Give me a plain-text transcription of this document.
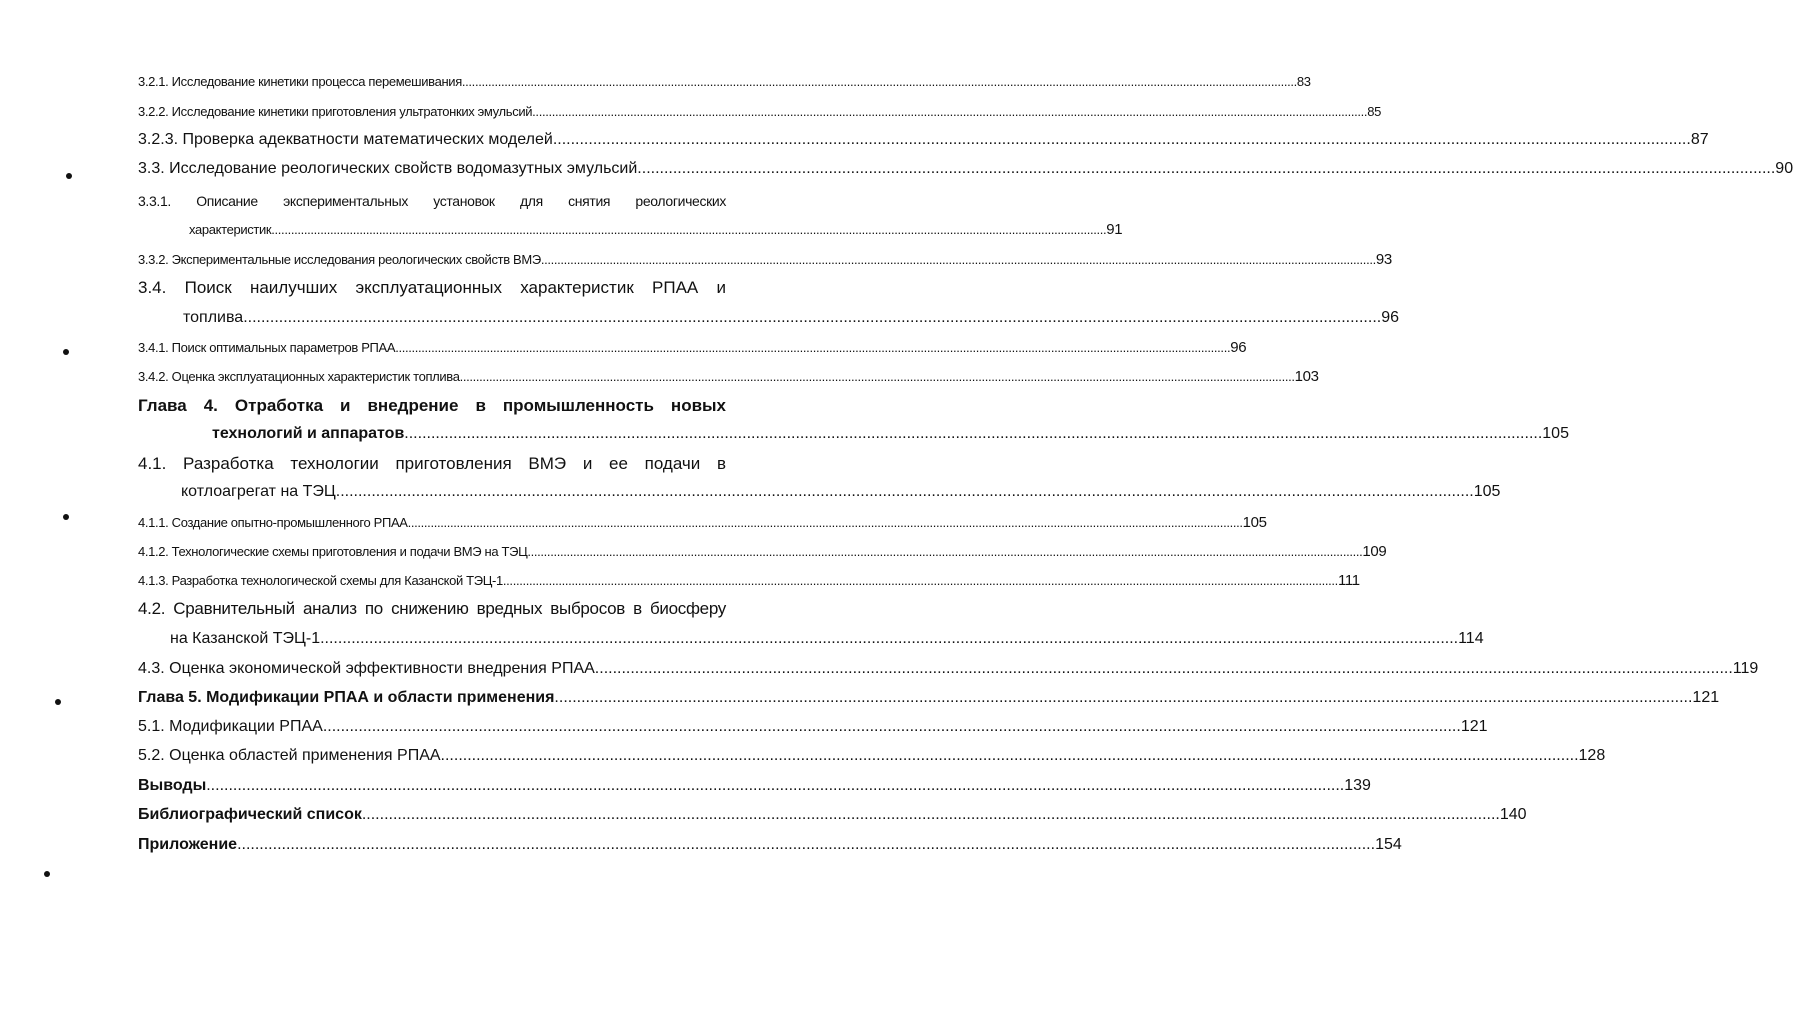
3.2.1. Исследование кинетики процесса перемешивания ................................................................................................................................................................................................................................................................ 83
3.2.2. Исследование кинетики приготовления ультратонких эмульсий ................................................................................................................................................................................................................................................................ 85
3.2.3. Проверка адекватности математических моделей ................................................................................................................................................................................................................................................................ 87
3.3. Исследование реологических свойств водомазутных эмульсий ................................................................................................................................................................................................................................................................ 90
3.3.1. Описание экспериментальных установок для снятия реологических
характеристик ................................................................................................................................................................................................................................................................ 91
3.3.2. Экспериментальные исследования реологических свойств ВМЭ ................................................................................................................................................................................................................................................................ 93
3.4. Поиск наилучших эксплуатационных характеристик РПАА и
топлива ................................................................................................................................................................................................................................................................ 96
3.4.1. Поиск оптимальных параметров РПАА ................................................................................................................................................................................................................................................................ 96
3.4.2. Оценка эксплуатационных характеристик топлива ................................................................................................................................................................................................................................................................ 103
Глава 4. Отработка и внедрение в промышленность новых
технологий и аппаратов ................................................................................................................................................................................................................................................................ 105
4.1. Разработка технологии приготовления ВМЭ и ее подачи в
котлоагрегат на ТЭЦ ................................................................................................................................................................................................................................................................ 105
4.1.1. Создание опытно-промышленного РПАА ................................................................................................................................................................................................................................................................ 105
4.1.2. Технологические схемы приготовления и подачи ВМЭ на ТЭЦ ................................................................................................................................................................................................................................................................ 109
4.1.3. Разработка технологической схемы для Казанской ТЭЦ-1 ................................................................................................................................................................................................................................................................ 111
4.2. Сравнительный анализ по снижению вредных выбросов в биосферу
на Казанской ТЭЦ-1 ................................................................................................................................................................................................................................................................ 114
4.3. Оценка экономической эффективности внедрения РПАА ................................................................................................................................................................................................................................................................ 119
Глава 5. Модификации РПАА и области применения ................................................................................................................................................................................................................................................................ 121
5.1. Модификации РПАА ................................................................................................................................................................................................................................................................ 121
5.2. Оценка областей применения РПАА ................................................................................................................................................................................................................................................................ 128
Выводы ................................................................................................................................................................................................................................................................ 139
Библиографический список ................................................................................................................................................................................................................................................................ 140
Приложение ................................................................................................................................................................................................................................................................ 154
